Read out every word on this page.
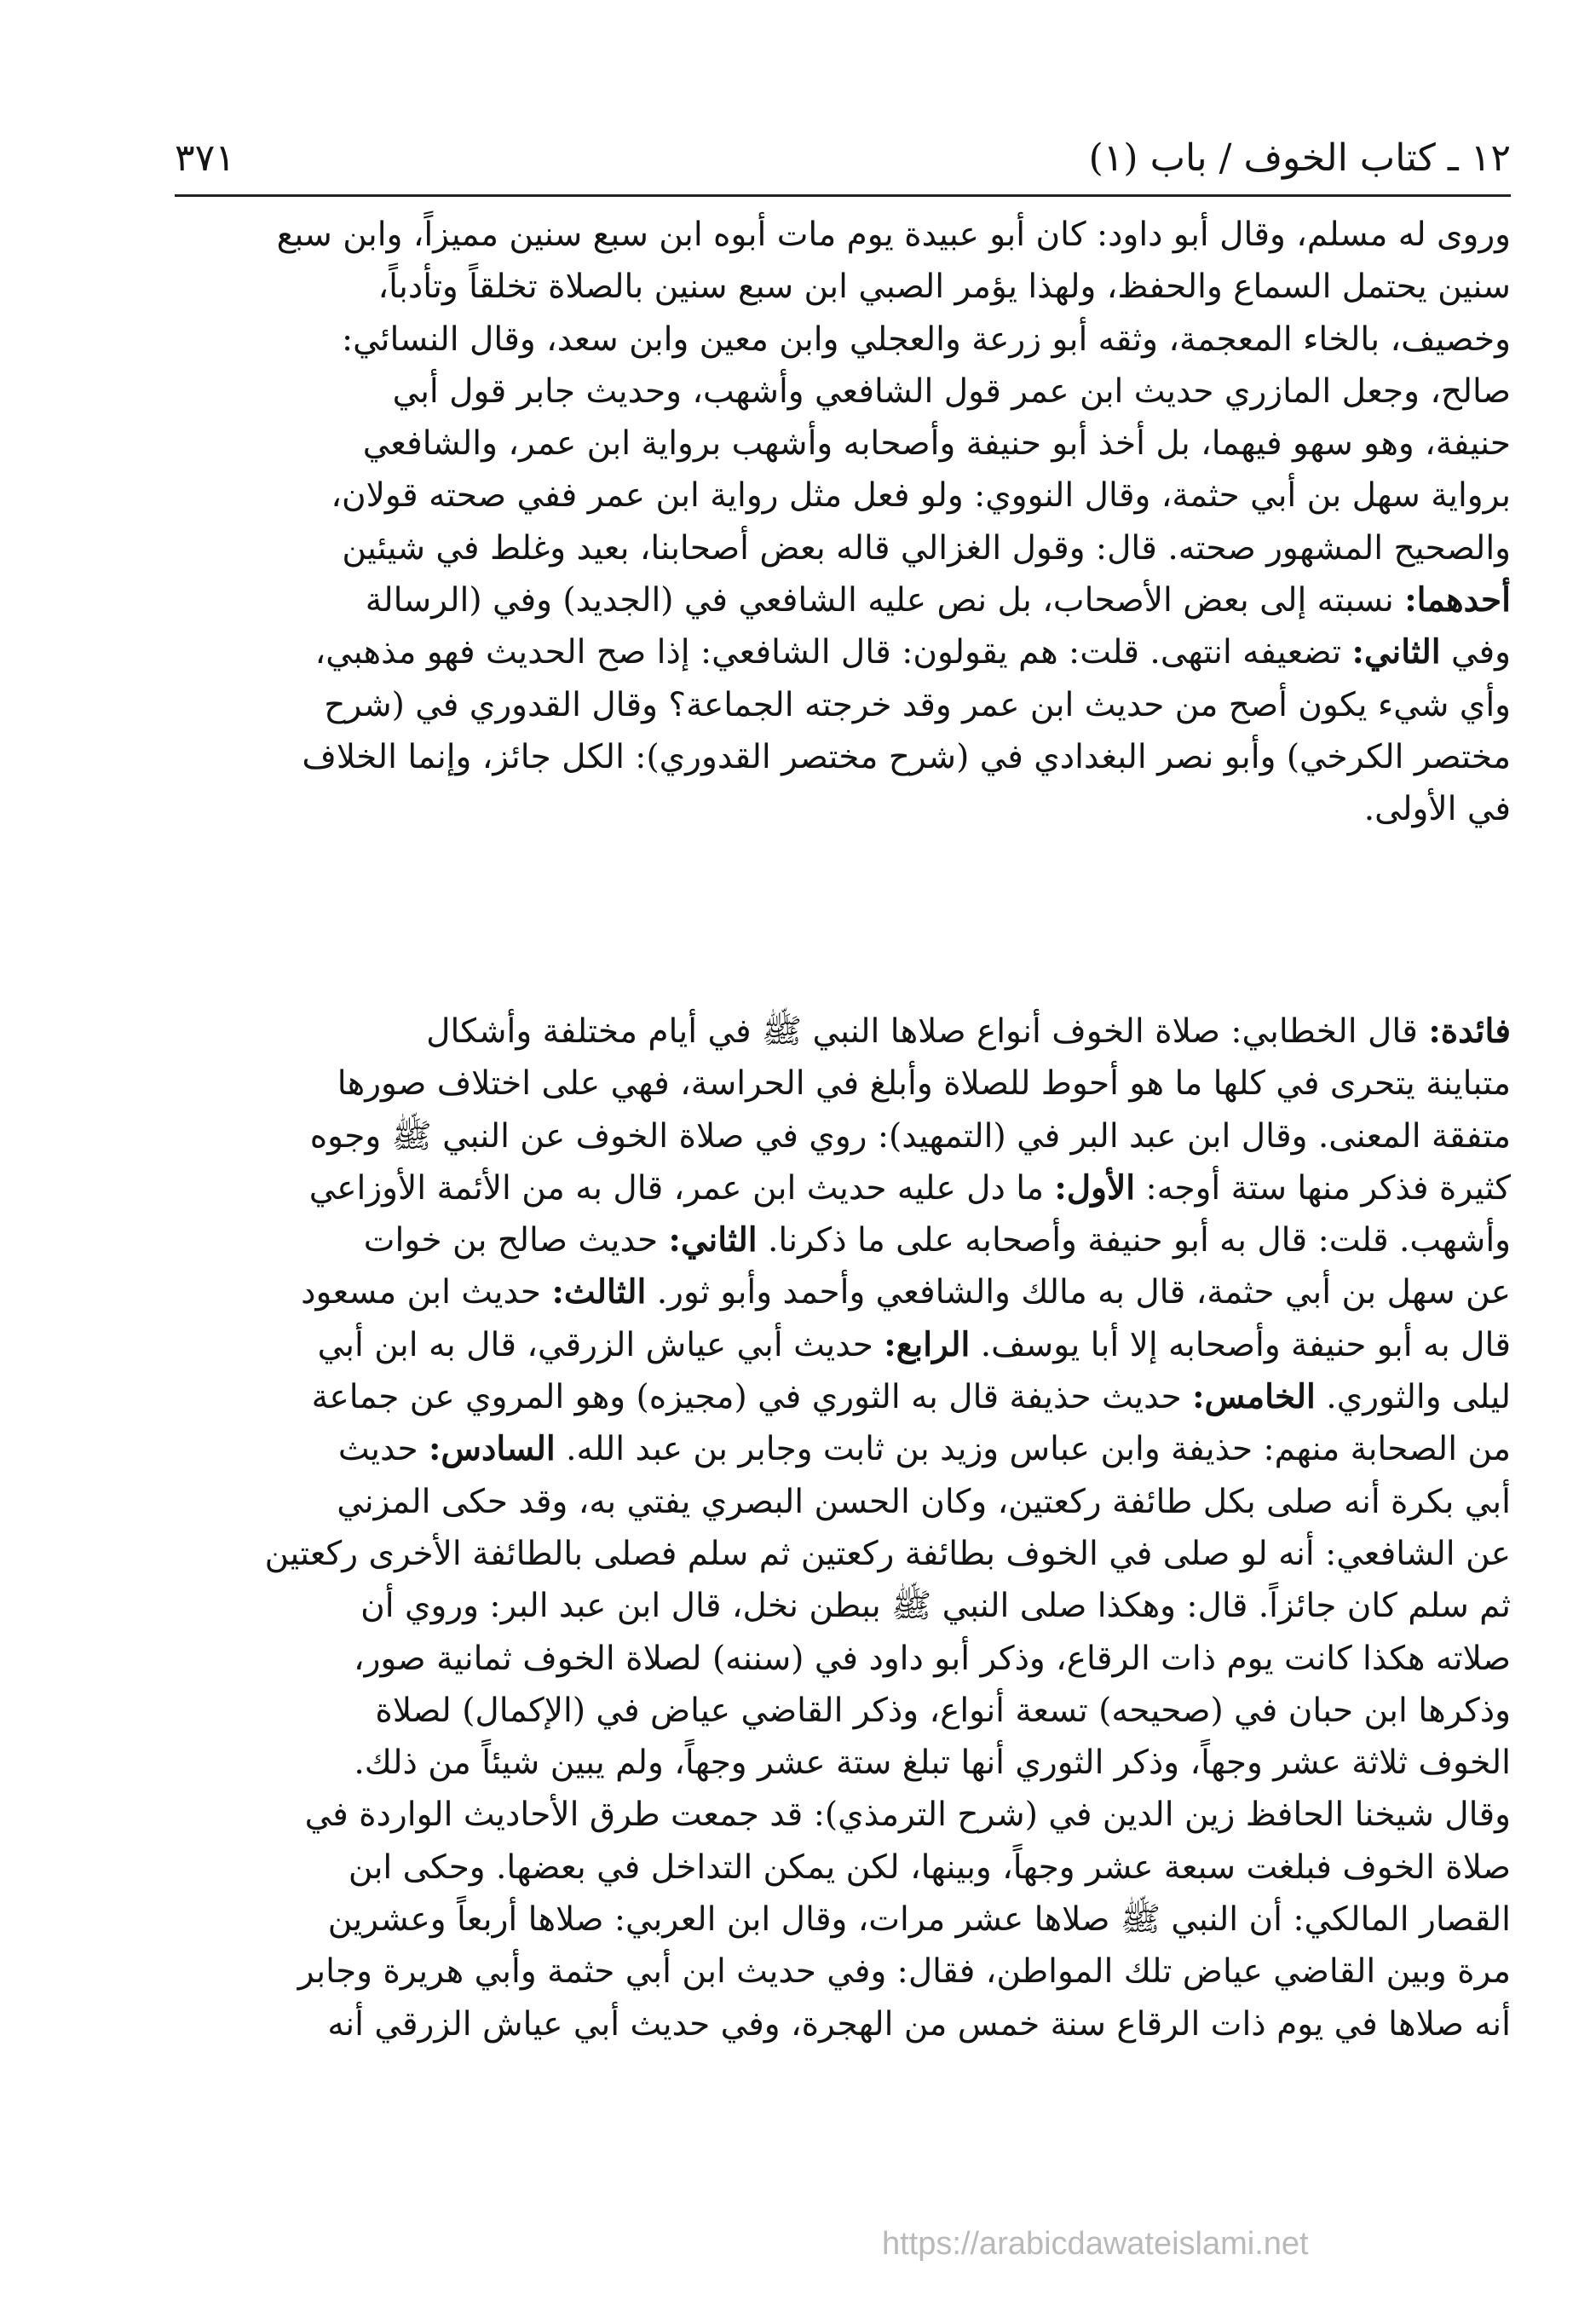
١٢ ـ كتاب الخوف / باب (١)
٣٧١
وروى له مسلم، وقال أبو داود: كان أبو عبيدة يوم مات أبوه ابن سبع سنين مميزاً، وابن سبع
سنين يحتمل السماع والحفظ، ولهذا يؤمر الصبي ابن سبع سنين بالصلاة تخلقاً وتأدباً،
وخصيف، بالخاء المعجمة، وثقه أبو زرعة والعجلي وابن معين وابن سعد، وقال النسائي:
صالح، وجعل المازري حديث ابن عمر قول الشافعي وأشهب، وحديث جابر قول أبي
حنيفة، وهو سهو فيهما، بل أخذ أبو حنيفة وأصحابه وأشهب برواية ابن عمر، والشافعي
برواية سهل بن أبي حثمة، وقال النووي: ولو فعل مثل رواية ابن عمر ففي صحته قولان،
والصحيح المشهور صحته. قال: وقول الغزالي قاله بعض أصحابنا، بعيد وغلط في شيئين
أحدهما: نسبته إلى بعض الأصحاب، بل نص عليه الشافعي في (الجديد) وفي (الرسالة
وفي الثاني: تضعيفه انتهى. قلت: هم يقولون: قال الشافعي: إذا صح الحديث فهو مذهبي،
وأي شيء يكون أصح من حديث ابن عمر وقد خرجته الجماعة؟ وقال القدوري في (شرح
مختصر الكرخي) وأبو نصر البغدادي في (شرح مختصر القدوري): الكل جائز، وإنما الخلاف
في الأولى.
فائدة: قال الخطابي: صلاة الخوف أنواع صلاها النبي ﷺ في أيام مختلفة وأشكال
متباينة يتحرى في كلها ما هو أحوط للصلاة وأبلغ في الحراسة، فهي على اختلاف صورها
متفقة المعنى. وقال ابن عبد البر في (التمهيد): روي في صلاة الخوف عن النبي ﷺ وجوه
كثيرة فذكر منها ستة أوجه: الأول: ما دل عليه حديث ابن عمر، قال به من الأئمة الأوزاعي
وأشهب. قلت: قال به أبو حنيفة وأصحابه على ما ذكرنا. الثاني: حديث صالح بن خوات
عن سهل بن أبي حثمة، قال به مالك والشافعي وأحمد وأبو ثور. الثالث: حديث ابن مسعود
قال به أبو حنيفة وأصحابه إلا أبا يوسف. الرابع: حديث أبي عياش الزرقي، قال به ابن أبي
ليلى والثوري. الخامس: حديث حذيفة قال به الثوري في (مجيزه) وهو المروي عن جماعة
من الصحابة منهم: حذيفة وابن عباس وزيد بن ثابت وجابر بن عبد الله. السادس: حديث
أبي بكرة أنه صلى بكل طائفة ركعتين، وكان الحسن البصري يفتي به، وقد حكى المزني
عن الشافعي: أنه لو صلى في الخوف بطائفة ركعتين ثم سلم فصلى بالطائفة الأخرى ركعتين
ثم سلم كان جائزاً. قال: وهكذا صلى النبي ﷺ ببطن نخل، قال ابن عبد البر: وروي أن
صلاته هكذا كانت يوم ذات الرقاع، وذكر أبو داود في (سننه) لصلاة الخوف ثمانية صور،
وذكرها ابن حبان في (صحيحه) تسعة أنواع، وذكر القاضي عياض في (الإكمال) لصلاة
الخوف ثلاثة عشر وجهاً، وذكر الثوري أنها تبلغ ستة عشر وجهاً، ولم يبين شيئاً من ذلك.
وقال شيخنا الحافظ زين الدين في (شرح الترمذي): قد جمعت طرق الأحاديث الواردة في
صلاة الخوف فبلغت سبعة عشر وجهاً، وبينها، لكن يمكن التداخل في بعضها. وحكى ابن
القصار المالكي: أن النبي ﷺ صلاها عشر مرات، وقال ابن العربي: صلاها أربعاً وعشرين
مرة وبين القاضي عياض تلك المواطن، فقال: وفي حديث ابن أبي حثمة وأبي هريرة وجابر
أنه صلاها في يوم ذات الرقاع سنة خمس من الهجرة، وفي حديث أبي عياش الزرقي أنه
https://arabicdawateislami.net
